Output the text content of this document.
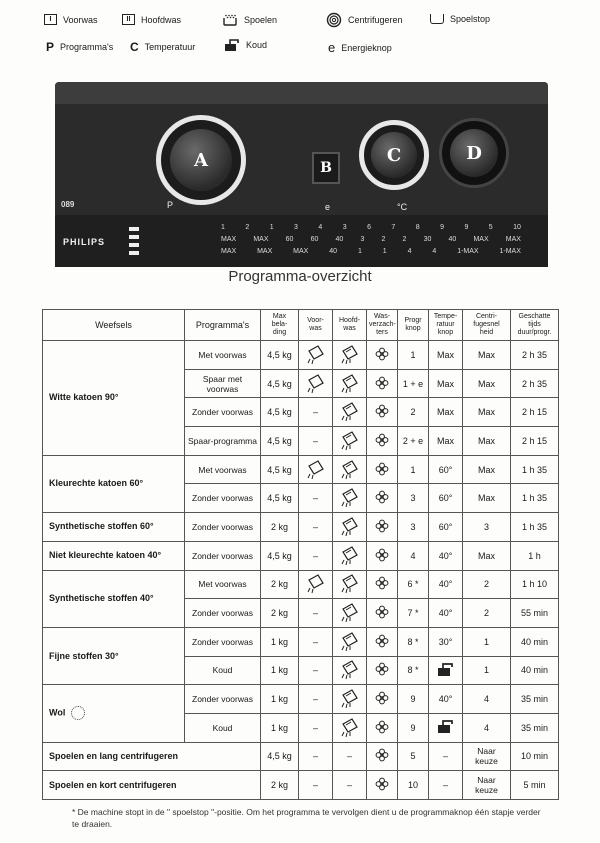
I	Voorwas	II	Hoofdwas	Spoelen	Centrifugeren	Spoelstop
P Programma's C Temperatuur	Koud	e Energieknop
A	B
C	D
089
PHILIPS
P	e	°C
1	2	1	3	4	3	6	7	8	9	9	5	10
MAX MAX 60 60 40 3 2 2 30 40 MAX MAX
MAX	MAX	MAX	40	1	1	4	4	1-MAX	1-MAX
Programma-overzicht
Weefsels	Programma's	Max
bela-
ding	Voor-
was	Hoofd-
was	Was-
verzach-
ters	Progr
knop	Tempe-
ratuur
knop	Centri-
fugesnel
heid	Geschatte
tijds
duur/progr.
Witte katoen 90°	Met voorwas	4,5 kg				1	Max	Max	2 h 35
	Spaar met voorwas	4,5 kg				1 + e	Max	Max	2 h 35
	Zonder voorwas	4,5 kg	–			2	Max	Max	2 h 15
	Spaar-programma	4,5 kg	–			2 + e	Max	Max	2 h 15
Kleurechte katoen 60°	Met voorwas	4,5 kg				1	60°	Max	1 h 35
	Zonder voorwas	4,5 kg	–			3	60°	Max	1 h 35
Synthetische stoffen 60°	Zonder voorwas	2 kg	–			3	60°	3	1 h 35
Niet kleurechte katoen 40°	Zonder voorwas	4,5 kg	–			4	40°	Max	1 h
Synthetische stoffen 40°	Met voorwas	2 kg				6 *	40°	2	1 h 10
	Zonder voorwas	2 kg	–			7 *	40°	2	55 min
Fijne stoffen 30°	Zonder voorwas	1 kg	–			8 *	30°	1	40 min
	Koud	1 kg	–			8 *		1	40 min
Wol	Zonder voorwas	1 kg	–			9	40°	4	35 min
	Koud	1 kg	–			9		4	35 min
Spoelen en lang centrifugeren		4,5 kg	–	–		5	–	Naar keuze	10 min
Spoelen en kort centrifugeren		2 kg	–	–		10	–	Naar keuze	5 min
* De machine stopt in de " spoelstop "-positie. Om het programma te vervolgen dient u de programmaknop één stapje verder te draaien.
